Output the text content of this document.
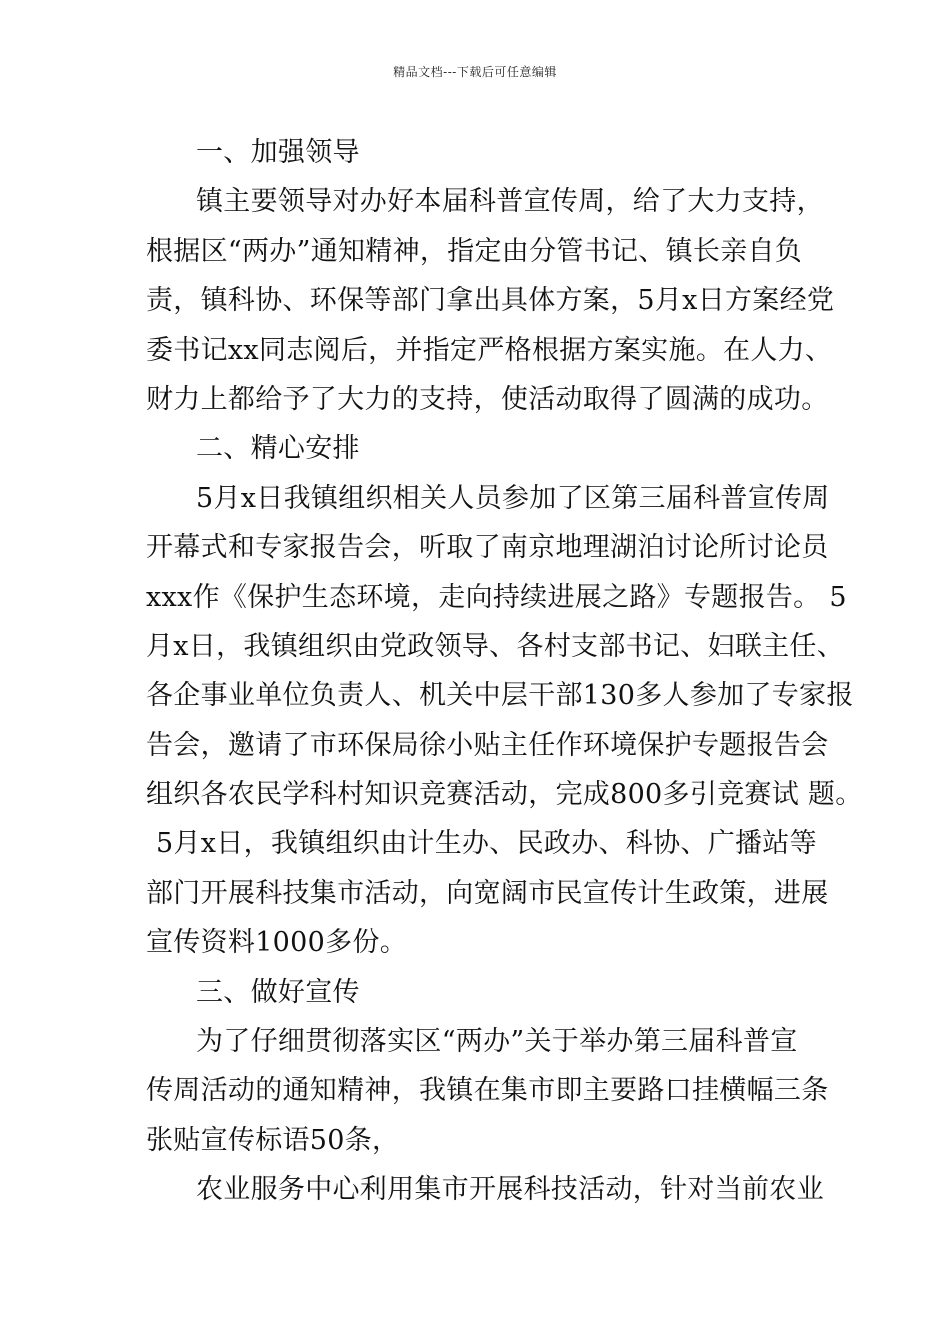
精品文档---下载后可任意编辑
一、加强领导
镇主要领导对办好本届科普宣传周，给了大力支持，
根据区“两办”通知精神，指定由分管书记、镇长亲自负
责，镇科协、环保等部门拿出具体方案，5月x日方案经党
委书记xx同志阅后，并指定严格根据方案实施。在人力、
财力上都给予了大力的支持，使活动取得了圆满的成功。
二、精心安排
5月x日我镇组织相关人员参加了区第三届科普宣传周
开幕式和专家报告会，听取了南京地理湖泊讨论所讨论员
xxx作《保护生态环境，走向持续进展之路》专题报告。 5
月x日，我镇组织由党政领导、各村支部书记、妇联主任、
各企事业单位负责人、机关中层干部130多人参加了专家报
告会，邀请了市环保局徐小贴主任作环境保护专题报告会
组织各农民学科村知识竞赛活动，完成800多引竞赛试 题。
5月x日，我镇组织由计生办、民政办、科协、广播站等
部门开展科技集市活动，向宽阔市民宣传计生政策，进展
宣传资料1000多份。
三、做好宣传
为了仔细贯彻落实区“两办”关于举办第三届科普宣
传周活动的通知精神，我镇在集市即主要路口挂横幅三条
张贴宣传标语50条，
农业服务中心利用集市开展科技活动，针对当前农业
